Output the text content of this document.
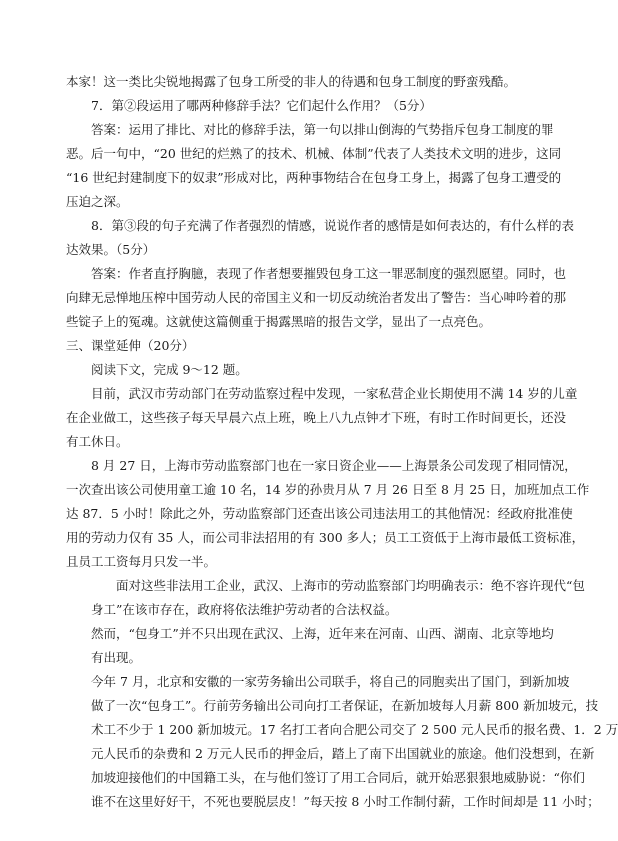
本家！这一类比尖锐地揭露了包身工所受的非人的待遇和包身工制度的野蛮残酷。
7．第②段运用了哪两种修辞手法？它们起什么作用？（5分）
答案：运用了排比、对比的修辞手法，第一句以排山倒海的气势指斥包身工制度的罪
恶。后一句中，“20 世纪的烂熟了的技术、机械、体制”代表了人类技术文明的进步，这同
“16 世纪封建制度下的奴隶”形成对比，两种事物结合在包身工身上，揭露了包身工遭受的
压迫之深。
8．第③段的句子充满了作者强烈的情感，说说作者的感情是如何表达的，有什么样的表
达效果。（5分）
答案：作者直抒胸臆，表现了作者想要摧毁包身工这一罪恶制度的强烈愿望。同时，也
向肆无忌惮地压榨中国劳动人民的帝国主义和一切反动统治者发出了警告：当心呻吟着的那
些锭子上的冤魂。这就使这篇侧重于揭露黑暗的报告文学，显出了一点亮色。
三、课堂延伸（20分）
阅读下文，完成 9～12 题。
目前，武汉市劳动部门在劳动监察过程中发现，一家私营企业长期使用不满 14 岁的儿童
在企业做工，这些孩子每天早晨六点上班，晚上八九点钟才下班，有时工作时间更长，还没
有工休日。
8 月 27 日，上海市劳动监察部门也在一家日资企业——上海景条公司发现了相同情况，
一次查出该公司使用童工逾 10 名，14 岁的孙贵月从 7 月 26 日至 8 月 25 日，加班加点工作
达 87．5 小时！除此之外，劳动监察部门还查出该公司违法用工的其他情况：经政府批准使
用的劳动力仅有 35 人，而公司非法招用的有 300 多人；员工工资低于上海市最低工资标准，
且员工工资每月只发一半。
面对这些非法用工企业，武汉、上海市的劳动监察部门均明确表示：绝不容许现代“包
身工”在该市存在，政府将依法维护劳动者的合法权益。
然而，“包身工”并不只出现在武汉、上海，近年来在河南、山西、湖南、北京等地均
有出现。
今年 7 月，北京和安徽的一家劳务输出公司联手，将自己的同胞卖出了国门，到新加坡
做了一次“包身工”。行前劳务输出公司向打工者保证，在新加坡每人月薪 800 新加坡元，技
术工不少于 1 200 新加坡元。17 名打工者向合肥公司交了 2 500 元人民币的报名费、1．2 万
元人民币的杂费和 2 万元人民币的押金后，踏上了南下出国就业的旅途。他们没想到，在新
加坡迎接他们的中国籍工头，在与他们签订了用工合同后，就开始恶狠狠地威胁说：“你们
谁不在这里好好干，不死也要脱层皮！”每天按 8 小时工作制付薪，工作时间却是 11 小时；
